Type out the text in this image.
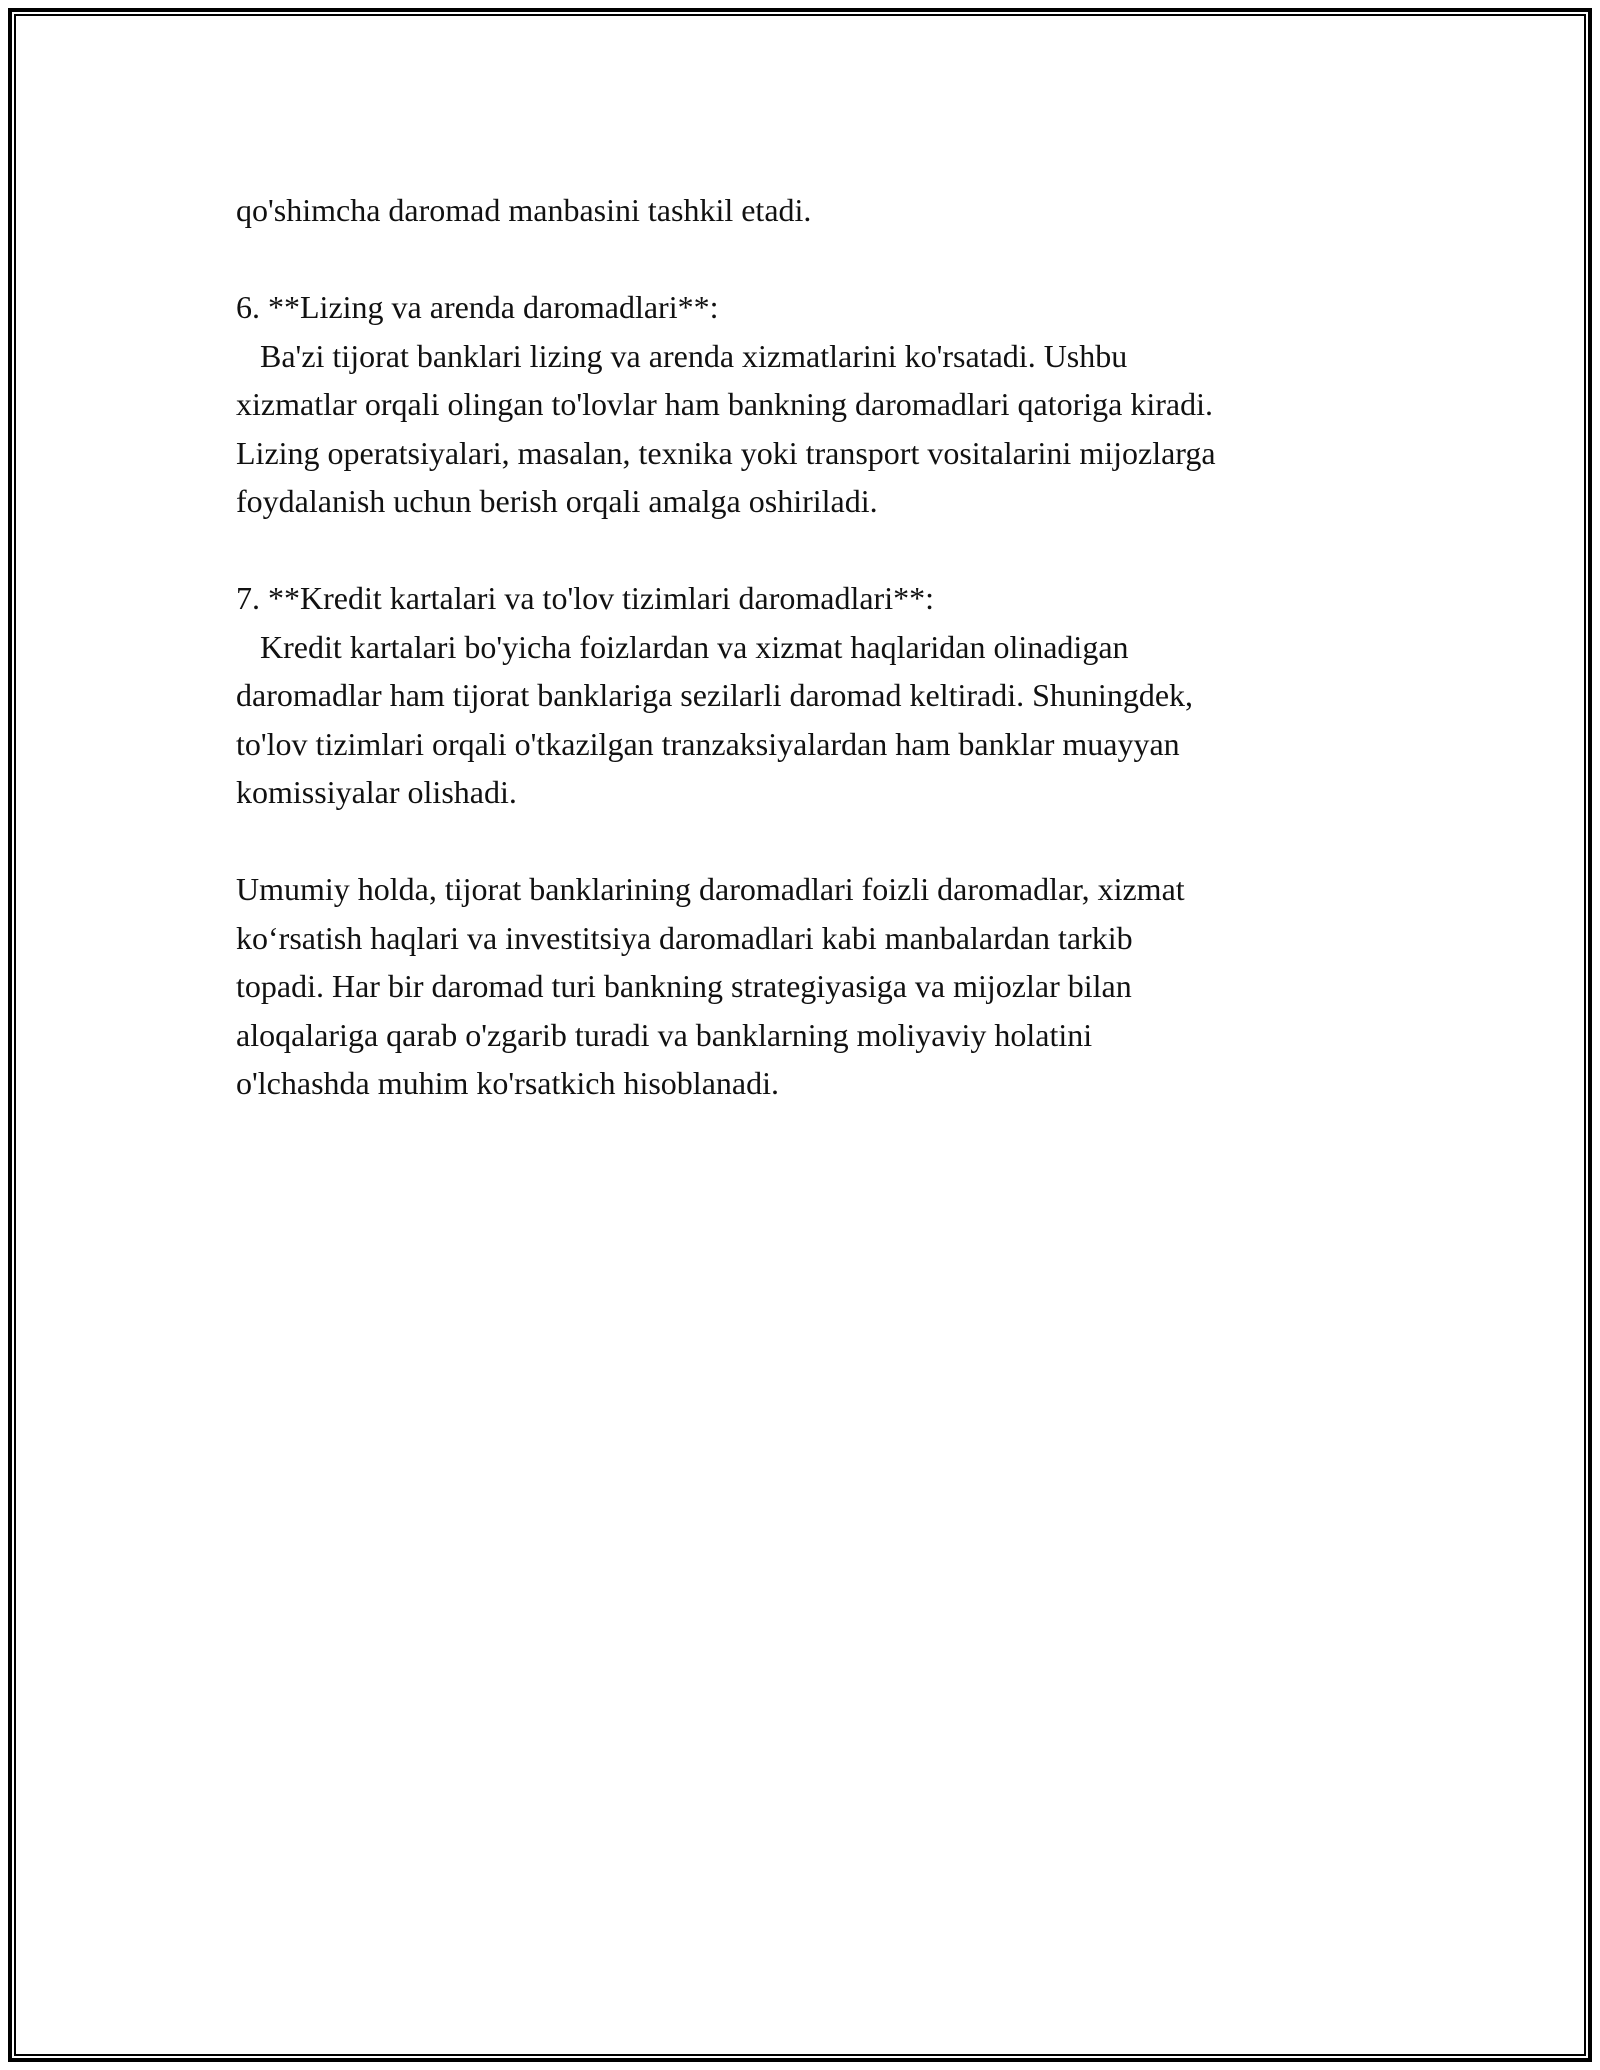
qo'shimcha daromad manbasini tashkil etadi.

6. **Lizing va arenda daromadlari**:

Ba'zi tijorat banklari lizing va arenda xizmatlarini ko'rsatadi. Ushbu

xizmatlar orqali olingan to'lovlar ham bankning daromadlari qatoriga kiradi.

Lizing operatsiyalari, masalan, texnika yoki transport vositalarini mijozlarga

foydalanish uchun berish orqali amalga oshiriladi.

7. **Kredit kartalari va to'lov tizimlari daromadlari**:

Kredit kartalari bo'yicha foizlardan va xizmat haqlaridan olinadigan

daromadlar ham tijorat banklariga sezilarli daromad keltiradi. Shuningdek,

to'lov tizimlari orqali o'tkazilgan tranzaksiyalardan ham banklar muayyan

komissiyalar olishadi.

Umumiy holda, tijorat banklarining daromadlari foizli daromadlar, xizmat

ko‘rsatish haqlari va investitsiya daromadlari kabi manbalardan tarkib

topadi. Har bir daromad turi bankning strategiyasiga va mijozlar bilan

aloqalariga qarab o'zgarib turadi va banklarning moliyaviy holatini

o'lchashda muhim ko'rsatkich hisoblanadi.
